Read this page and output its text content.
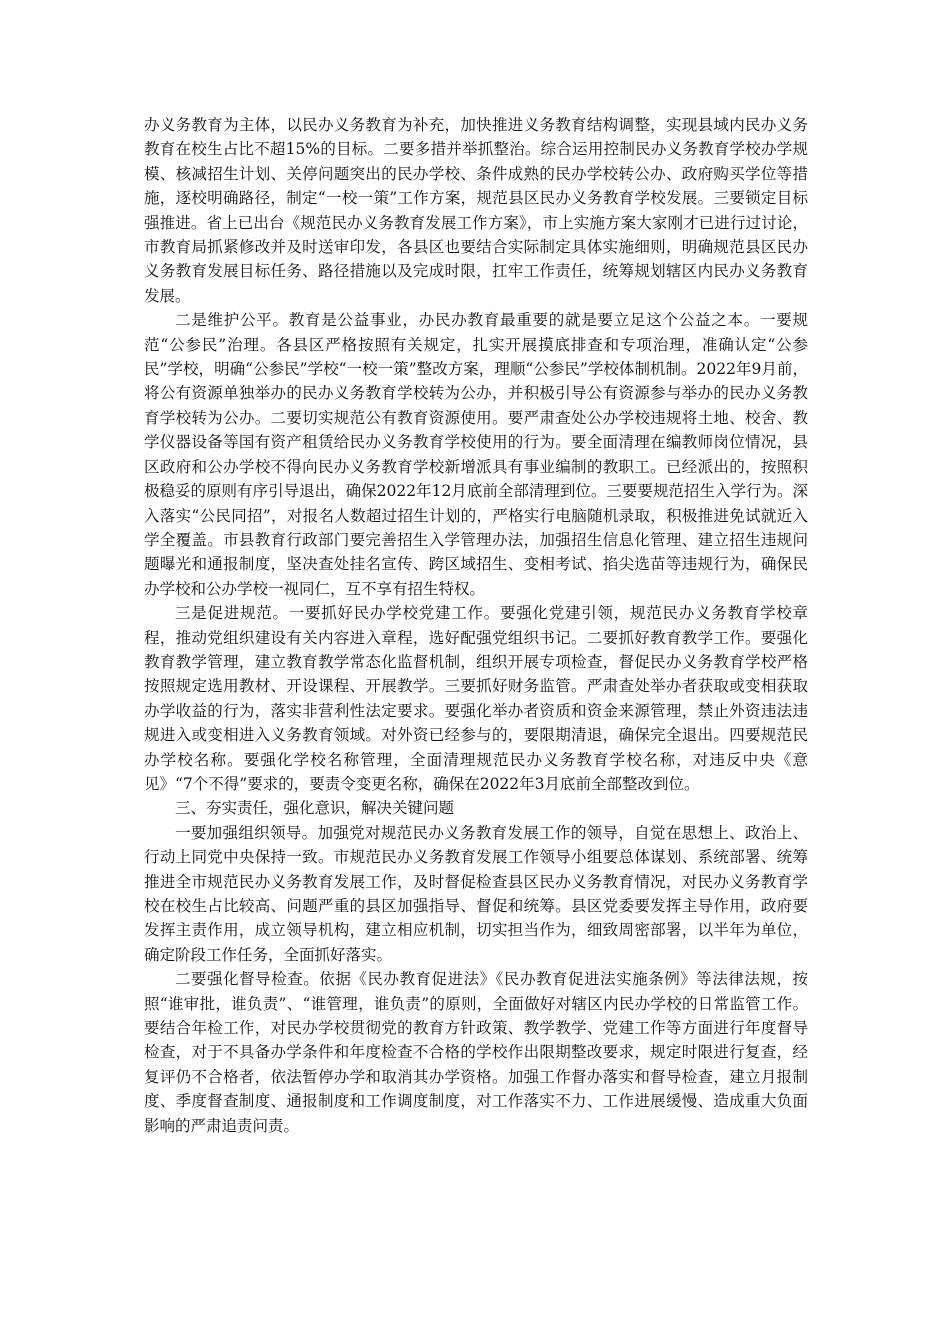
办义务教育为主体，以民办义务教育为补充，加快推进义务教育结构调整，实现县域内民办义务教育在校生占比不超15%的目标。二要多措并举抓整治。综合运用控制民办义务教育学校办学规模、核减招生计划、关停问题突出的民办学校、条件成熟的民办学校转公办、政府购买学位等措施，逐校明确路径，制定“一校一策”工作方案，规范县区民办义务教育学校发展。三要锁定目标强推进。省上已出台《规范民办义务教育发展工作方案》，市上实施方案大家刚才已进行过讨论，市教育局抓紧修改并及时送审印发，各县区也要结合实际制定具体实施细则，明确规范县区民办义务教育发展目标任务、路径措施以及完成时限，扛牢工作责任，统筹规划辖区内民办义务教育发展。

二是维护公平。教育是公益事业，办民办教育最重要的就是要立足这个公益之本。一要规范“公参民”治理。各县区严格按照有关规定，扎实开展摸底排查和专项治理，准确认定“公参民”学校，明确“公参民”学校“一校一策”整改方案，理顺“公参民”学校体制机制。2022年9月前，将公有资源单独举办的民办义务教育学校转为公办，并积极引导公有资源参与举办的民办义务教育学校转为公办。二要切实规范公有教育资源使用。要严肃查处公办学校违规将土地、校舍、教学仪器设备等国有资产租赁给民办义务教育学校使用的行为。要全面清理在编教师岗位情况，县区政府和公办学校不得向民办义务教育学校新增派具有事业编制的教职工。已经派出的，按照积极稳妥的原则有序引导退出，确保2022年12月底前全部清理到位。三要要规范招生入学行为。深入落实“公民同招”，对报名人数超过招生计划的，严格实行电脑随机录取，积极推进免试就近入学全覆盖。市县教育行政部门要完善招生入学管理办法，加强招生信息化管理、建立招生违规问题曝光和通报制度，坚决查处挂名宣传、跨区域招生、变相考试、掐尖选苗等违规行为，确保民办学校和公办学校一视同仁，互不享有招生特权。

三是促进规范。一要抓好民办学校党建工作。要强化党建引领，规范民办义务教育学校章程，推动党组织建设有关内容进入章程，选好配强党组织书记。二要抓好教育教学工作。要强化教育教学管理，建立教育教学常态化监督机制，组织开展专项检查，督促民办义务教育学校严格按照规定选用教材、开设课程、开展教学。三要抓好财务监管。严肃查处举办者获取或变相获取办学收益的行为，落实非营利性法定要求。要强化举办者资质和资金来源管理，禁止外资违法违规进入或变相进入义务教育领域。对外资已经参与的，要限期清退，确保完全退出。四要规范民办学校名称。要强化学校名称管理，全面清理规范民办义务教育学校名称，对违反中央《意见》“7个不得”要求的，要责令变更名称，确保在2022年3月底前全部整改到位。

三、夯实责任，强化意识，解决关键问题

一要加强组织领导。加强党对规范民办义务教育发展工作的领导，自觉在思想上、政治上、行动上同党中央保持一致。市规范民办义务教育发展工作领导小组要总体谋划、系统部署、统筹推进全市规范民办义务教育发展工作，及时督促检查县区民办义务教育情况，对民办义务教育学校在校生占比较高、问题严重的县区加强指导、督促和统筹。县区党委要发挥主导作用，政府要发挥主责作用，成立领导机构，建立相应机制，切实担当作为，细致周密部署，以半年为单位，确定阶段工作任务，全面抓好落实。

二要强化督导检查。依据《民办教育促进法》《民办教育促进法实施条例》等法律法规，按照“谁审批，谁负责”、“谁管理，谁负责”的原则，全面做好对辖区内民办学校的日常监管工作。要结合年检工作，对民办学校贯彻党的教育方针政策、教学教学、党建工作等方面进行年度督导检查，对于不具备办学条件和年度检查不合格的学校作出限期整改要求，规定时限进行复查，经复评仍不合格者，依法暂停办学和取消其办学资格。加强工作督办落实和督导检查，建立月报制度、季度督查制度、通报制度和工作调度制度，对工作落实不力、工作进展缓慢、造成重大负面影响的严肃追责问责。
